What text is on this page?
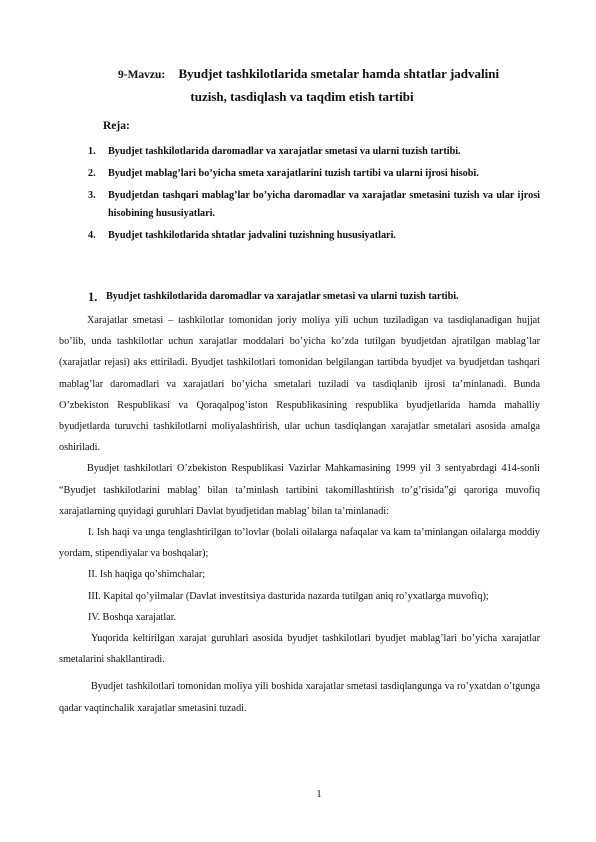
9-Mavzu: Byudjet tashkilotlarida smetalar hamda shtatlar jadvalini
tuzish, tasdiqlash va taqdim etish tartibi
Reja:
1.	Byudjet tashkilotlarida daromadlar va xarajatlar smetasi va ularni tuzish tartibi.
2.	Byudjet mablag’lari bo’yicha smeta xarajatlarini tuzish tartibi va ularni ijrosi hisobi.
3.	Byudjetdan tashqari mablag’lar bo’yicha daromadlar va xarajatlar smetasini tuzish va ular ijrosi hisobining hususiyatlari.
4.	Byudjet tashkilotlarida shtatlar jadvalini tuzishning hususiyatlari.
1. Byudjet tashkilotlarida daromadlar va xarajatlar smetasi va ularni tuzish tartibi.

Xarajatlar smetasi – tashkilotlar tomonidan joriy moliya yili uchun tuziladigan va tasdiqlanadigan hujjat bo’lib, unda tashkilotlar uchun xarajatlar moddalari bo’yicha ko’zda tutilgan byudjetdan ajratilgan mablag’lar (xarajatlar rejasi) aks ettiriladi. Byudjet tashkilotlari tomonidan belgilangan tartibda byudjet va byudjetdan tashqari mablag’lar daromadlari va xarajatlari bo’yicha smetalari tuziladi va tasdiqlanib ijrosi ta’minlanadi. Bunda O’zbekiston Respublikasi va Qoraqalpog’iston Respublikasining respublika byudjetlarida hamda mahalliy byudjetlarda turuvchi tashkilotlarni moliyalashtirish, ular uchun tasdiqlangan xarajatlar smetalari asosida amalga oshiriladi.

Byudjet tashkilotlari O’zbekiston Respublikasi Vazirlar Mahkamasining 1999 yil 3 sentyabrdagi 414-sonli “Byudjet tashkilotlarini mablag’ bilan ta’minlash tartibini takomillashtirish to’g’risida”gi qaroriga muvofiq xarajatlarning quyidagi guruhlari Davlat byudjetidan mablag’ bilan ta’minlanadi:

I. Ish haqi va unga tenglashtirilgan to’lovlar (bolali oilalarga nafaqalar va kam ta’minlangan oilalarga moddiy yordam, stipendiyalar va boshqalar);

II. Ish haqiga qo’shimchalar;

III. Kapital qo’yilmalar (Davlat investitsiya dasturida nazarda tutilgan aniq ro’yxatlarga muvofiq);

IV. Boshqa xarajatlar.

Yuqorida keltirilgan xarajat guruhlari asosida byudjet tashkilotlari byudjet mablag’lari bo’yicha xarajatlar smetalarini shakllantiradi.

Byudjet tashkilotlari tomonidan moliya yili boshida xarajatlar smetasi tasdiqlangunga va ro’yxatdan o’tgunga qadar vaqtinchalik xarajatlar smetasini tuzadi.

1
